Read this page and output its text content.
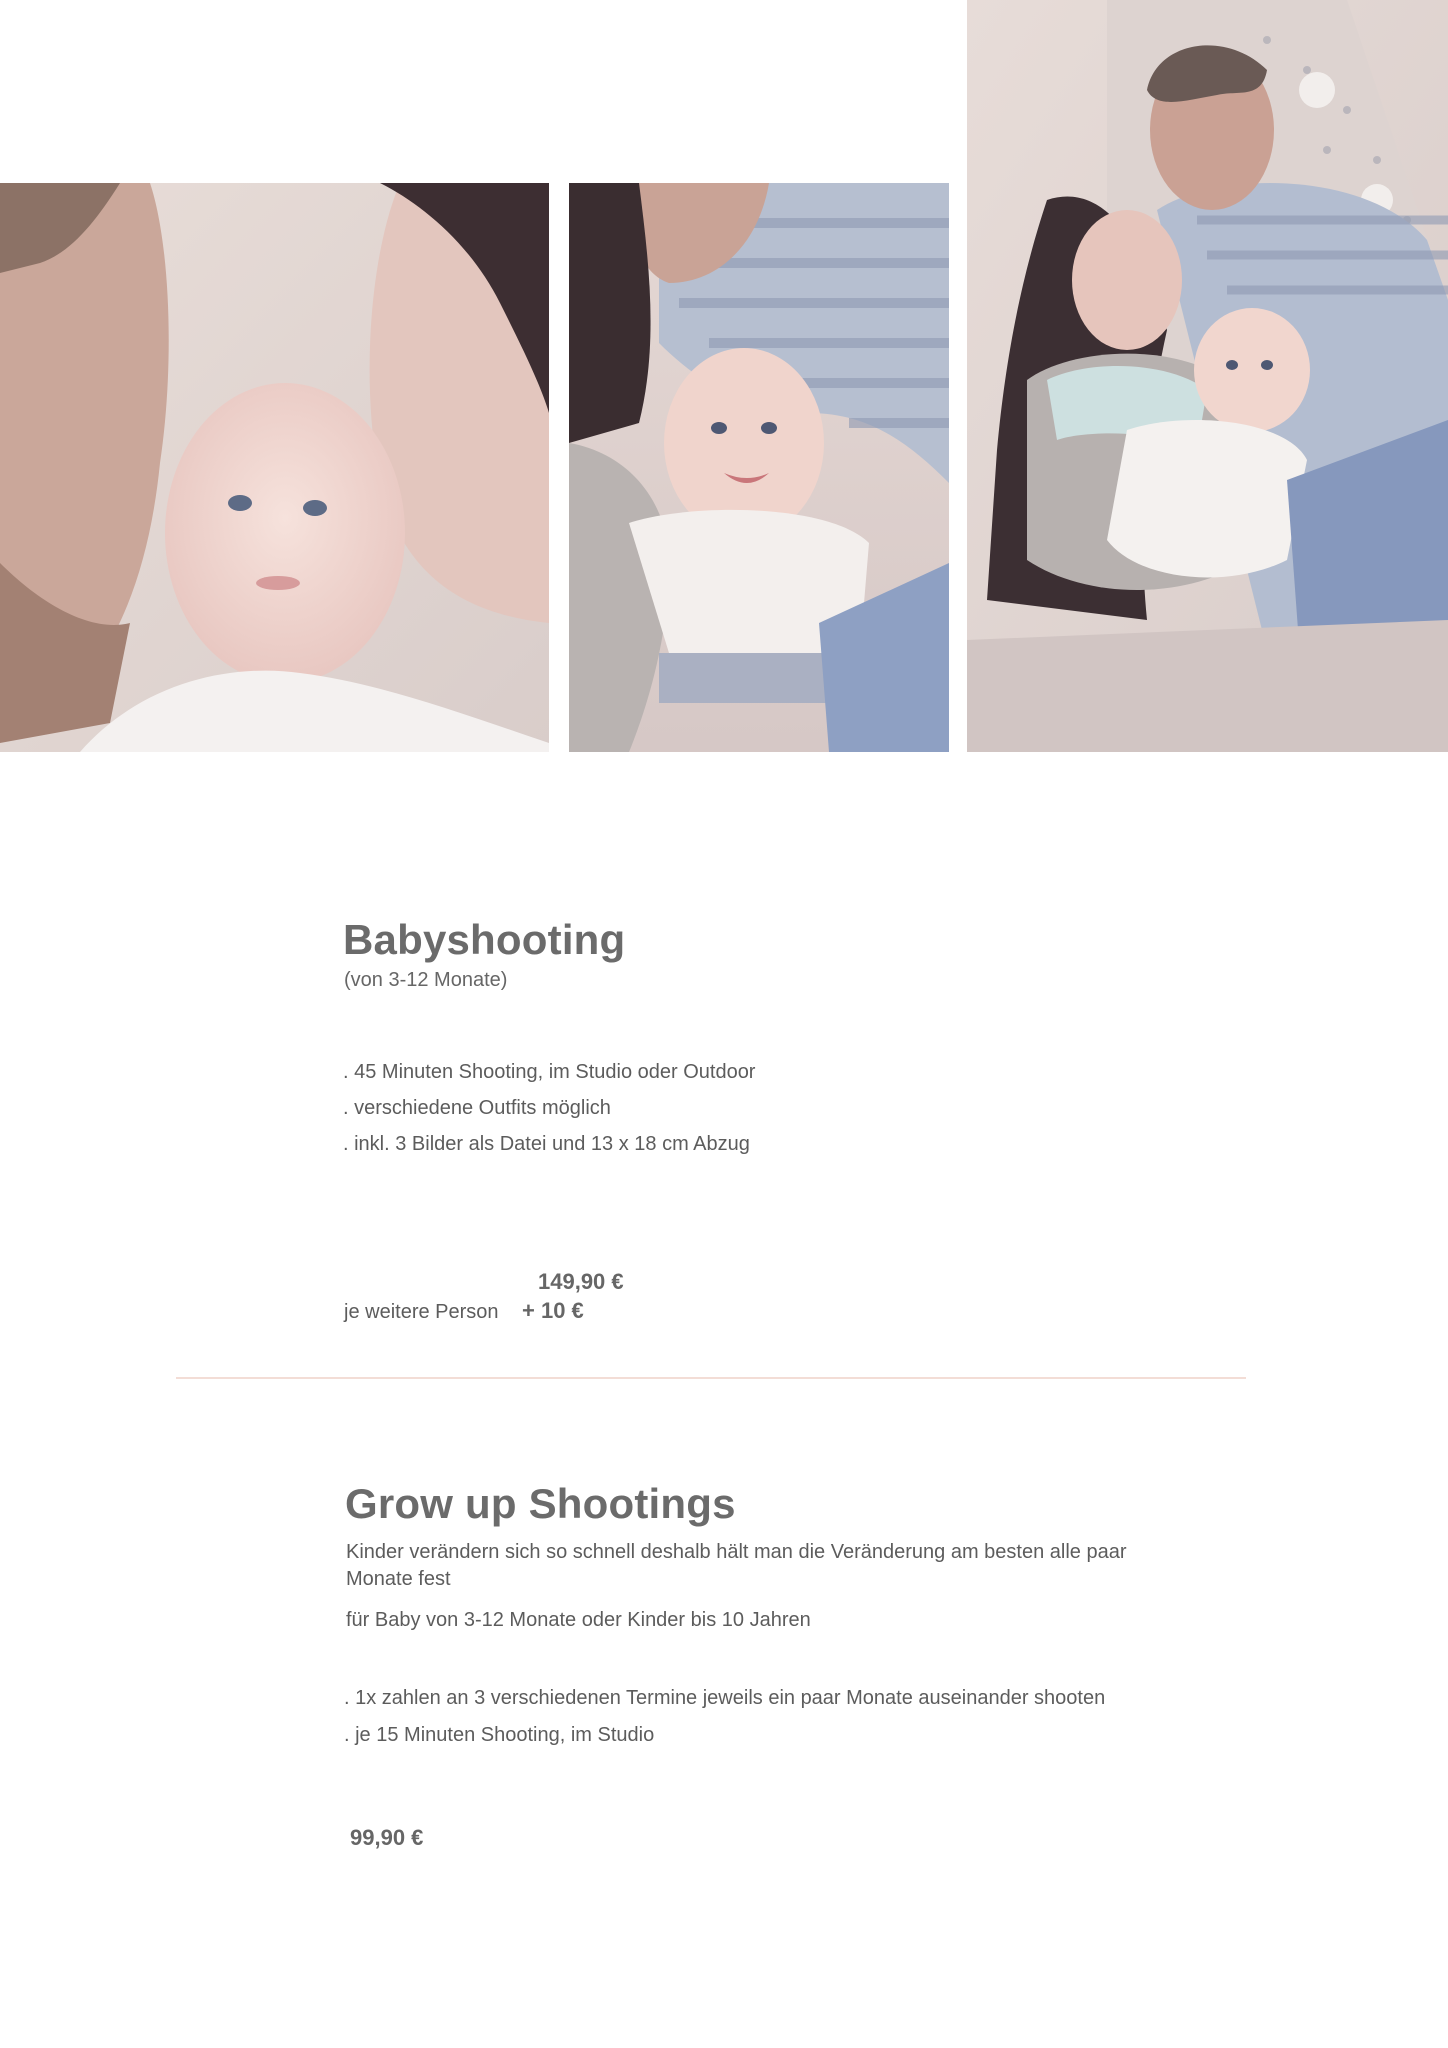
Babyshooting
(von 3-12 Monate)
. 45 Minuten Shooting, im Studio oder Outdoor
. verschiedene Outfits möglich
. inkl. 3 Bilder als Datei und 13 x 18 cm Abzug
149,90 €
je weitere Person + 10 €
Grow up Shootings
Kinder verändern sich so schnell deshalb hält man die Veränderung am besten alle paar Monate fest
für Baby von 3-12 Monate oder Kinder bis 10 Jahren
. 1x zahlen an 3 verschiedenen Termine jeweils ein paar Monate auseinander shooten
. je 15 Minuten Shooting, im Studio
99,90 €
